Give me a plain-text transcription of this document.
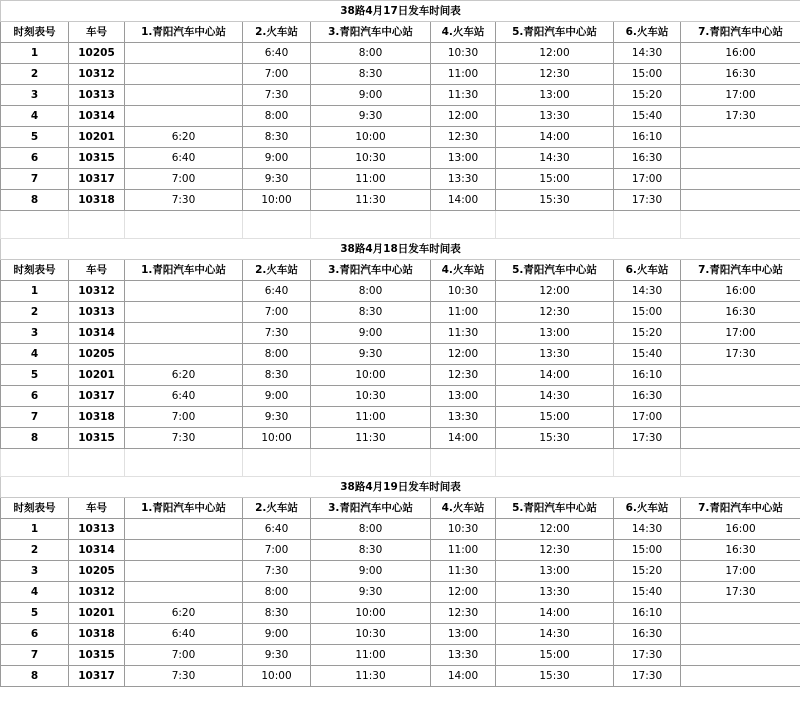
38路4月17日发车时间表								
时刻表号	车号	1.青阳汽车中心站	2.火车站	3.青阳汽车中心站	4.火车站	5.青阳汽车中心站	6.火车站	7.青阳汽车中心站
1	10205		6:40	8:00	10:30	12:00	14:30	16:00
2	10312		7:00	8:30	11:00	12:30	15:00	16:30
3	10313		7:30	9:00	11:30	13:00	15:20	17:00
4	10314		8:00	9:30	12:00	13:30	15:40	17:30
5	10201	6:20	8:30	10:00	12:30	14:00	16:10	
6	10315	6:40	9:00	10:30	13:00	14:30	16:30	
7	10317	7:00	9:30	11:00	13:30	15:00	17:00	
8	10318	7:30	10:00	11:30	14:00	15:30	17:30	

38路4月18日发车时间表								
时刻表号	车号	1.青阳汽车中心站	2.火车站	3.青阳汽车中心站	4.火车站	5.青阳汽车中心站	6.火车站	7.青阳汽车中心站
1	10312		6:40	8:00	10:30	12:00	14:30	16:00
2	10313		7:00	8:30	11:00	12:30	15:00	16:30
3	10314		7:30	9:00	11:30	13:00	15:20	17:00
4	10205		8:00	9:30	12:00	13:30	15:40	17:30
5	10201	6:20	8:30	10:00	12:30	14:00	16:10	
6	10317	6:40	9:00	10:30	13:00	14:30	16:30	
7	10318	7:00	9:30	11:00	13:30	15:00	17:00	
8	10315	7:30	10:00	11:30	14:00	15:30	17:30	

38路4月19日发车时间表								
时刻表号	车号	1.青阳汽车中心站	2.火车站	3.青阳汽车中心站	4.火车站	5.青阳汽车中心站	6.火车站	7.青阳汽车中心站
1	10313		6:40	8:00	10:30	12:00	14:30	16:00
2	10314		7:00	8:30	11:00	12:30	15:00	16:30
3	10205		7:30	9:00	11:30	13:00	15:20	17:00
4	10312		8:00	9:30	12:00	13:30	15:40	17:30
5	10201	6:20	8:30	10:00	12:30	14:00	16:10	
6	10318	6:40	9:00	10:30	13:00	14:30	16:30	
7	10315	7:00	9:30	11:00	13:30	15:00	17:30	
8	10317	7:30	10:00	11:30	14:00	15:30	17:30	
